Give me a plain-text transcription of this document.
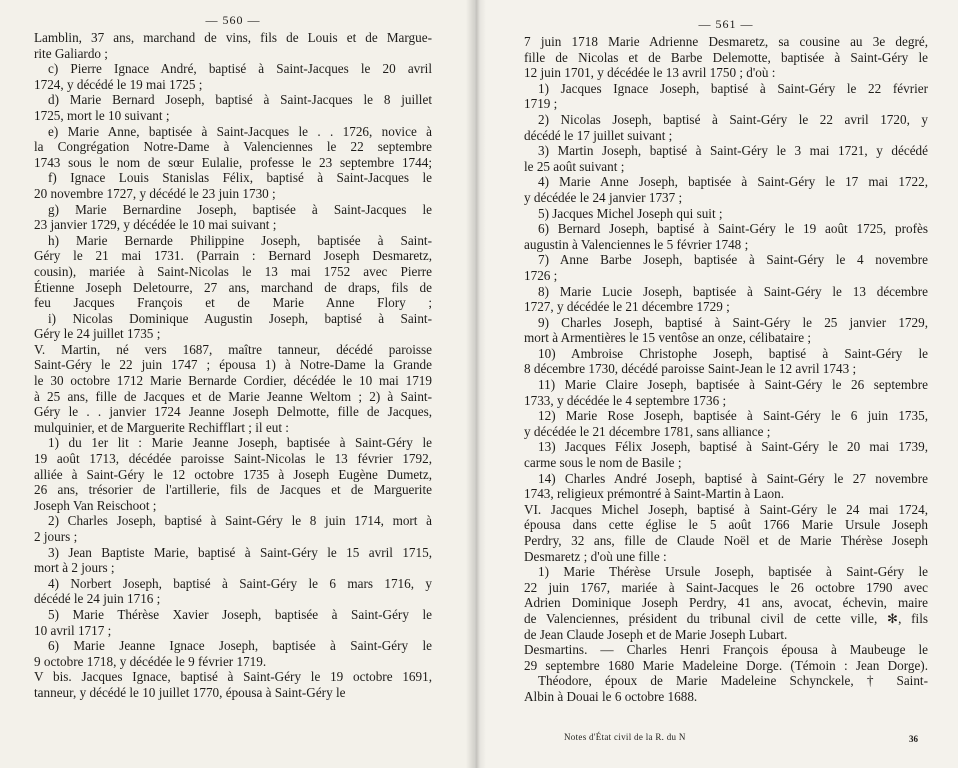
— 560 —
Lamblin, 37 ans, marchand de vins, fils de Louis et de Margue-
rite Galiardo ;
c) Pierre Ignace André, baptisé à Saint-Jacques le 20 avril
1724, y décédé le 19 mai 1725 ;
d) Marie Bernard Joseph, baptisé à Saint-Jacques le 8 juillet
1725, mort le 10 suivant ;
e) Marie Anne, baptisée à Saint-Jacques le . . 1726, novice à
la Congrégation Notre-Dame à Valenciennes le 22 septembre
1743 sous le nom de sœur Eulalie, professe le 23 septembre 1744;
f) Ignace Louis Stanislas Félix, baptisé à Saint-Jacques le
20 novembre 1727, y décédé le 23 juin 1730 ;
g) Marie Bernardine Joseph, baptisée à Saint-Jacques le
23 janvier 1729, y décédée le 10 mai suivant ;
h) Marie Bernarde Philippine Joseph, baptisée à Saint-
Géry le 21 mai 1731. (Parrain : Bernard Joseph Desmaretz,
cousin), mariée à Saint-Nicolas le 13 mai 1752 avec Pierre
Étienne Joseph Deletourre, 27 ans, marchand de draps, fils de
feu Jacques François et de Marie Anne Flory ;
i) Nicolas Dominique Augustin Joseph, baptisé à Saint-
Géry le 24 juillet 1735 ;
V. Martin, né vers 1687, maître tanneur, décédé paroisse
Saint-Géry le 22 juin 1747 ; épousa 1) à Notre-Dame la Grande
le 30 octobre 1712 Marie Bernarde Cordier, décédée le 10 mai 1719
à 25 ans, fille de Jacques et de Marie Jeanne Weltom ; 2) à Saint-
Géry le . . janvier 1724 Jeanne Joseph Delmotte, fille de Jacques,
mulquinier, et de Marguerite Rechifflart ; il eut :
1) du 1er lit : Marie Jeanne Joseph, baptisée à Saint-Géry le
19 août 1713, décédée paroisse Saint-Nicolas le 13 février 1792,
alliée à Saint-Géry le 12 octobre 1735 à Joseph Eugène Dumetz,
26 ans, trésorier de l'artillerie, fils de Jacques et de Marguerite
Joseph Van Reischoot ;
2) Charles Joseph, baptisé à Saint-Géry le 8 juin 1714, mort à
2 jours ;
3) Jean Baptiste Marie, baptisé à Saint-Géry le 15 avril 1715,
mort à 2 jours ;
4) Norbert Joseph, baptisé à Saint-Géry le 6 mars 1716, y
décédé le 24 juin 1716 ;
5) Marie Thérèse Xavier Joseph, baptisée à Saint-Géry le
10 avril 1717 ;
6) Marie Jeanne Ignace Joseph, baptisée à Saint-Géry le
9 octobre 1718, y décédée le 9 février 1719.
V bis. Jacques Ignace, baptisé à Saint-Géry le 19 octobre 1691,
tanneur, y décédé le 10 juillet 1770, épousa à Saint-Géry le
— 561 —
7 juin 1718 Marie Adrienne Desmaretz, sa cousine au 3e degré,
fille de Nicolas et de Barbe Delemotte, baptisée à Saint-Géry le
12 juin 1701, y décédée le 13 avril 1750 ; d'où :
1) Jacques Ignace Joseph, baptisé à Saint-Géry le 22 février
1719 ;
2) Nicolas Joseph, baptisé à Saint-Géry le 22 avril 1720, y
décédé le 17 juillet suivant ;
3) Martin Joseph, baptisé à Saint-Géry le 3 mai 1721, y décédé
le 25 août suivant ;
4) Marie Anne Joseph, baptisée à Saint-Géry le 17 mai 1722,
y décédée le 24 janvier 1737 ;
5) Jacques Michel Joseph qui suit ;
6) Bernard Joseph, baptisé à Saint-Géry le 19 août 1725, profès
augustin à Valenciennes le 5 février 1748 ;
7) Anne Barbe Joseph, baptisée à Saint-Géry le 4 novembre
1726 ;
8) Marie Lucie Joseph, baptisée à Saint-Géry le 13 décembre
1727, y décédée le 21 décembre 1729 ;
9) Charles Joseph, baptisé à Saint-Géry le 25 janvier 1729,
mort à Armentières le 15 ventôse an onze, célibataire ;
10) Ambroise Christophe Joseph, baptisé à Saint-Géry le
8 décembre 1730, décédé paroisse Saint-Jean le 12 avril 1743 ;
11) Marie Claire Joseph, baptisée à Saint-Géry le 26 septembre
1733, y décédée le 4 septembre 1736 ;
12) Marie Rose Joseph, baptisée à Saint-Géry le 6 juin 1735,
y décédée le 21 décembre 1781, sans alliance ;
13) Jacques Félix Joseph, baptisé à Saint-Géry le 20 mai 1739,
carme sous le nom de Basile ;
14) Charles André Joseph, baptisé à Saint-Géry le 27 novembre
1743, religieux prémontré à Saint-Martin à Laon.
VI. Jacques Michel Joseph, baptisé à Saint-Géry le 24 mai 1724,
épousa dans cette église le 5 août 1766 Marie Ursule Joseph
Perdry, 32 ans, fille de Claude Noël et de Marie Thérèse Joseph
Desmaretz ; d'où une fille :
1) Marie Thérèse Ursule Joseph, baptisée à Saint-Géry le
22 juin 1767, mariée à Saint-Jacques le 26 octobre 1790 avec
Adrien Dominique Joseph Perdry, 41 ans, avocat, échevin, maire
de Valenciennes, président du tribunal civil de cette ville, ✻, fils
de Jean Claude Joseph et de Marie Joseph Lubart.
Desmartins. — Charles Henri François épousa à Maubeuge le
29 septembre 1680 Marie Madeleine Dorge. (Témoin : Jean Dorge).
Théodore, époux de Marie Madeleine Schynckele, † Saint-
Albin à Douai le 6 octobre 1688.
Notes d'État civil de la R. du N	36
